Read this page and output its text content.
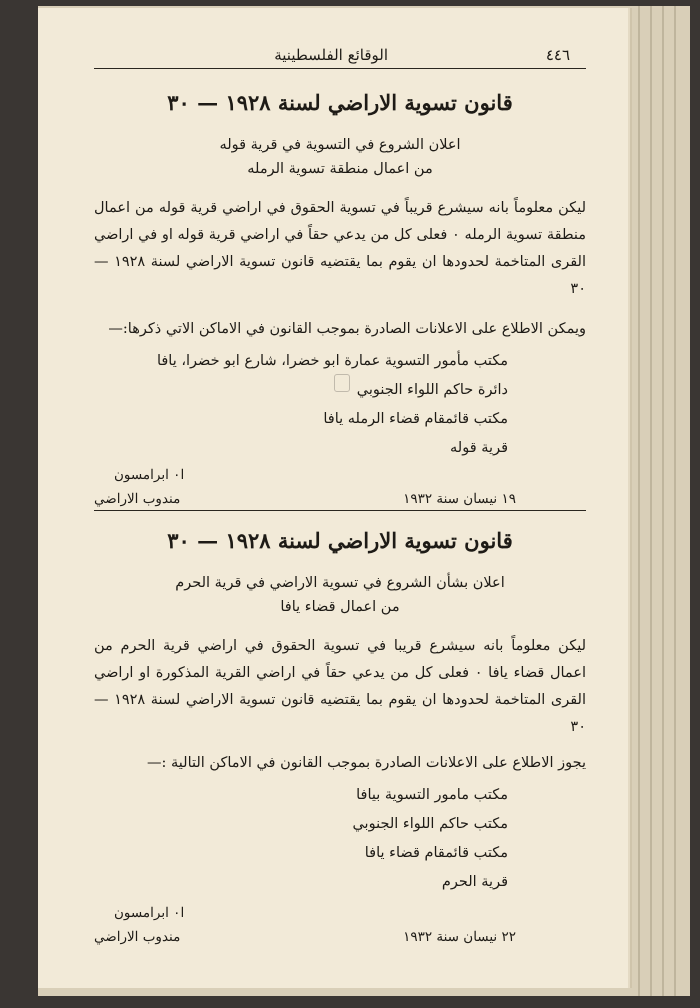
٤٤٦
الوقائع الفلسطينية
قانون تسوية الاراضي لسنة ١٩٢٨ — ٣٠

اعلان الشروع في التسوية في قرية قوله

من اعمال منطقة تسوية الرمله

ليكن معلوماً بانه سيشرع قريباً في تسوية الحقوق في اراضي قرية قوله من اعمال منطقة تسوية الرمله ٠ فعلى كل من يدعي حقاً في اراضي قرية قوله او في اراضي القرى المتاخمة لحدودها ان يقوم بما يقتضيه قانون تسوية الاراضي لسنة ١٩٢٨ — ٣٠

ويمكن الاطلاع على الاعلانات الصادرة بموجب القانون في الاماكن الاتي ذكرها:—

مكتب مأمور التسوية عمارة ابو خضرا، شارع ابو خضرا، يافا
دائرة حاكم اللواء الجنوبي
مكتب قائمقام قضاء الرمله يافا
قرية قوله
١٩ نيسان سنة ١٩٣٢
ا٠ ابرامسون
مندوب الاراضي
قانون تسوية الاراضي لسنة ١٩٢٨ — ٣٠

اعلان بشأن الشروع في تسوية الاراضي في قرية الحرم

من اعمال قضاء يافا

ليكن معلوماً بانه سيشرع قريبا في تسوية الحقوق في اراضي قرية الحرم من اعمال قضاء يافا ٠ فعلى كل من يدعي حقاً في اراضي القرية المذكورة او اراضي القرى المتاخمة لحدودها ان يقوم بما يقتضيه قانون تسوية الاراضي لسنة ١٩٢٨ — ٣٠

يجوز الاطلاع على الاعلانات الصادرة بموجب القانون في الاماكن التالية :—

مكتب مامور التسوية بيافا
مكتب حاكم اللواء الجنوبي
مكتب قائمقام قضاء يافا
قرية الحرم
٢٢ نيسان سنة ١٩٣٢
ا٠ ابرامسون
مندوب الاراضي
